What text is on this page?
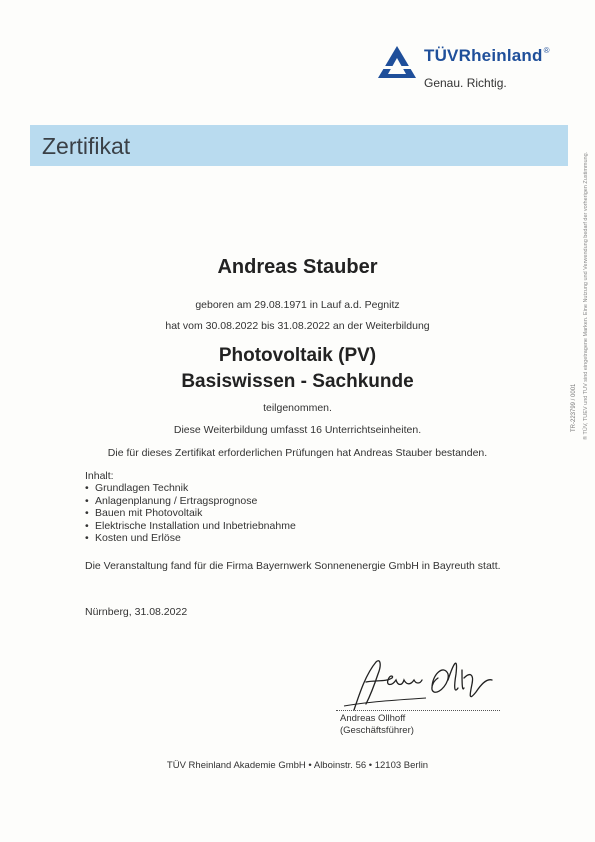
TÜVRheinland®
Genau. Richtig.
Zertifikat
Andreas Stauber
geboren am 29.08.1971 in Lauf a.d. Pegnitz
hat vom 30.08.2022 bis 31.08.2022 an der Weiterbildung
Photovoltaik (PV)
Basiswissen - Sachkunde
teilgenommen.
Diese Weiterbildung umfasst 16 Unterrichtseinheiten.
Die für dieses Zertifikat erforderlichen Prüfungen hat Andreas Stauber bestanden.
Inhalt:
• Grundlagen Technik
• Anlagenplanung / Ertragsprognose
• Bauen mit Photovoltaik
• Elektrische Installation und Inbetriebnahme
• Kosten und Erlöse
Die Veranstaltung fand für die Firma Bayernwerk Sonnenenergie GmbH in Bayreuth statt.
Nürnberg, 31.08.2022
Andreas Ollhoff
(Geschäftsführer)
TÜV Rheinland Akademie GmbH • Alboinstr. 56 • 12103 Berlin
® TÜV, TUEV und TUV sind eingetragene Marken. Eine Nutzung und Verwendung bedarf der vorherigen Zustimmung.
TR-223799 / 0001
